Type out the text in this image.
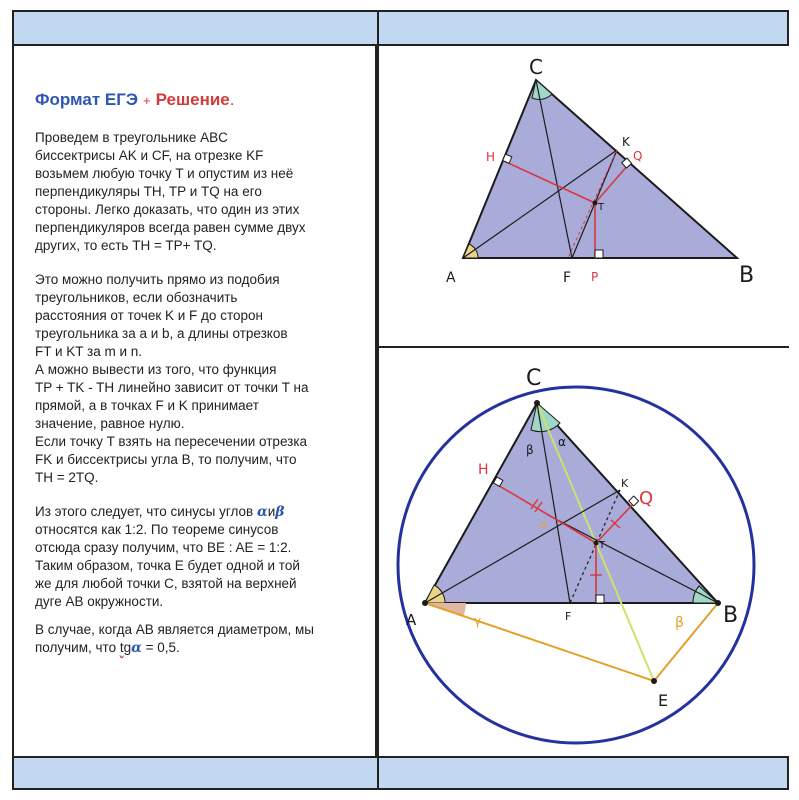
Формат ЕГЭ + Решение.

Проведем в треугольнике ABC
биссектрисы AK и CF, на отрезке KF
возьмем любую точку T и опустим из неё
перпендикуляры TH, TP и TQ на его
стороны. Легко доказать, что один из этих
перпендикуляров всегда равен сумме двух
других, то есть TH = TP+ TQ.

Это можно получить прямо из подобия
треугольников, если обозначить
расстояния от точек K и F до сторон
треугольника за a и b, а длины отрезков
FT и KT за m и n.
А можно вывести из того, что функция
TP + TK - TH линейно зависит от точки T на
прямой, а в точках F и K принимает
значение, равное нулю.
Если точку T взять на пересечении отрезка
FK и биссектрисы угла B, то получим, что
TH = 2TQ.

Из этого следует, что синусы углов αиβ
относятся как 1:2. По теореме синусов
отсюда сразу получим, что BE : AE = 1:2.
Таким образом, точка E будет одной и той
же для любой точки C, взятой на верхней
дуге AB окружности.

В случае, когда AB является диаметром, мы
получим, что tgα = 0,5.

C
K
H	Q
T
A	F P	B
C
K
H
Q
T
o
β
α
A	F
γ	β B
E
